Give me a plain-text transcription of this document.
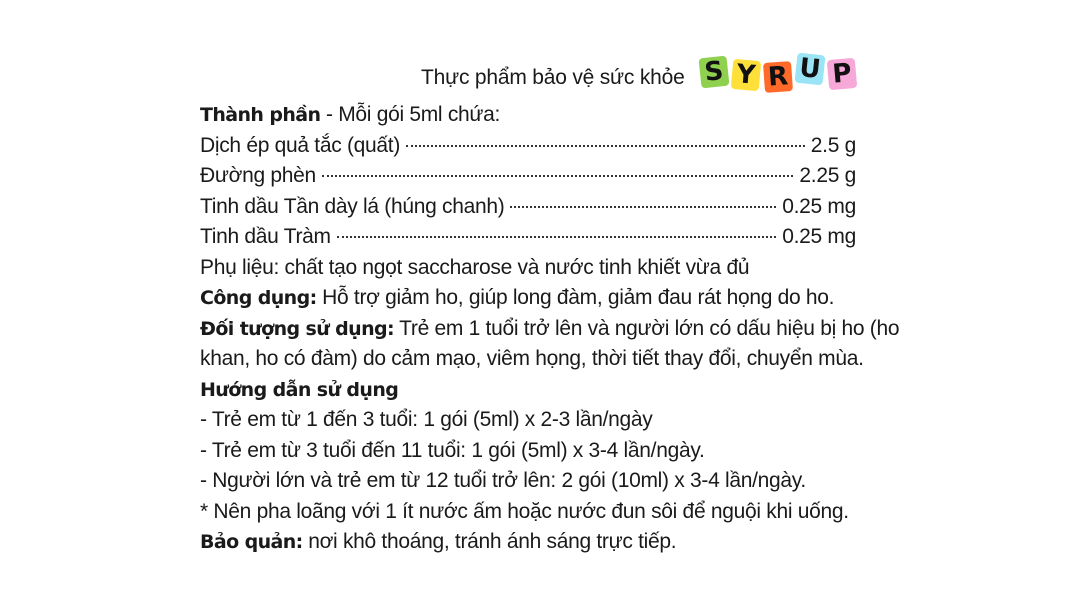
Thực phẩm bảo vệ sức khỏe S Y R U P
Thành phần - Mỗi gói 5ml chứa:
Dịch ép quả tắc (quất)	2.5 g
Đường phèn	2.25 g
Tinh dầu Tần dày lá (húng chanh)	0.25 mg
Tinh dầu Tràm	0.25 mg
Phụ liệu: chất tạo ngọt saccharose và nước tinh khiết vừa đủ
Công dụng: Hỗ trợ giảm ho, giúp long đàm, giảm đau rát họng do ho.
Đối tượng sử dụng: Trẻ em 1 tuổi trở lên và người lớn có dấu hiệu bị ho (ho
khan, ho có đàm) do cảm mạo, viêm họng, thời tiết thay đổi, chuyển mùa.
Hướng dẫn sử dụng
- Trẻ em từ 1 đến 3 tuổi: 1 gói (5ml) x 2-3 lần/ngày
- Trẻ em từ 3 tuổi đến 11 tuổi: 1 gói (5ml) x 3-4 lần/ngày.
- Người lớn và trẻ em từ 12 tuổi trở lên: 2 gói (10ml) x 3-4 lần/ngày.
* Nên pha loãng với 1 ít nước ấm hoặc nước đun sôi để nguội khi uống.
Bảo quản: nơi khô thoáng, tránh ánh sáng trực tiếp.
